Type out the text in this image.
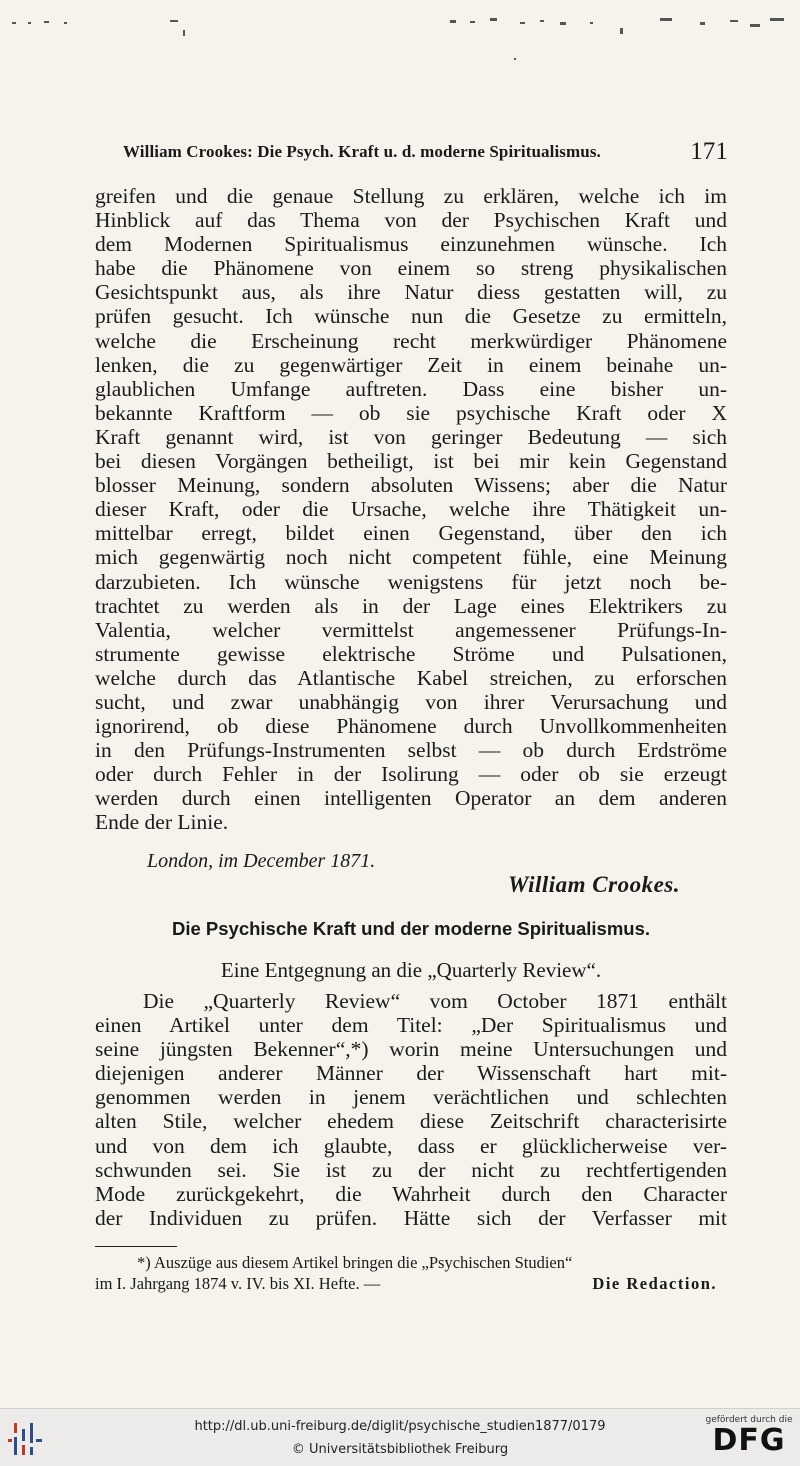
William Crookes: Die Psych. Kraft u. d. moderne Spiritualismus.	171
greifen und die genaue Stellung zu erklären, welche ich im
Hinblick auf das Thema von der Psychischen Kraft und
dem Modernen Spiritualismus einzunehmen wünsche. Ich
habe die Phänomene von einem so streng physikalischen
Gesichtspunkt aus, als ihre Natur diess gestatten will, zu
prüfen gesucht. Ich wünsche nun die Gesetze zu ermitteln,
welche die Erscheinung recht merkwürdiger Phänomene
lenken, die zu gegenwärtiger Zeit in einem beinahe un-
glaublichen Umfange auftreten. Dass eine bisher un-
bekannte Kraftform — ob sie psychische Kraft oder X
Kraft genannt wird, ist von geringer Bedeutung — sich
bei diesen Vorgängen betheiligt, ist bei mir kein Gegenstand
blosser Meinung, sondern absoluten Wissens; aber die Natur
dieser Kraft, oder die Ursache, welche ihre Thätigkeit un-
mittelbar erregt, bildet einen Gegenstand, über den ich
mich gegenwärtig noch nicht competent fühle, eine Meinung
darzubieten. Ich wünsche wenigstens für jetzt noch be-
trachtet zu werden als in der Lage eines Elektrikers zu
Valentia, welcher vermittelst angemessener Prüfungs-In-
strumente gewisse elektrische Ströme und Pulsationen,
welche durch das Atlantische Kabel streichen, zu erforschen
sucht, und zwar unabhängig von ihrer Verursachung und
ignorirend, ob diese Phänomene durch Unvollkommenheiten
in den Prüfungs-Instrumenten selbst — ob durch Erdströme
oder durch Fehler in der Isolirung — oder ob sie erzeugt
werden durch einen intelligenten Operator an dem anderen
Ende der Linie.
London, im December 1871.
William Crookes.
Die Psychische Kraft und der moderne Spiritualismus.
Eine Entgegnung an die „Quarterly Review“.
Die „Quarterly Review“ vom October 1871 enthält
einen Artikel unter dem Titel: „Der Spiritualismus und
seine jüngsten Bekenner“,*) worin meine Untersuchungen und
diejenigen anderer Männer der Wissenschaft hart mit-
genommen werden in jenem verächtlichen und schlechten
alten Stile, welcher ehedem diese Zeitschrift characterisirte
und von dem ich glaubte, dass er glücklicherweise ver-
schwunden sei. Sie ist zu der nicht zu rechtfertigenden
Mode zurückgekehrt, die Wahrheit durch den Character
der Individuen zu prüfen. Hätte sich der Verfasser mit
*) Auszüge aus diesem Artikel bringen die „Psychischen Studien“
im I. Jahrgang 1874 v. IV. bis XI. Hefte. —	Die Redaction.
http://dl.ub.uni-freiburg.de/diglit/psychische_studien1877/0179
© Universitätsbibliothek Freiburg
gefördert durch die
DFG
